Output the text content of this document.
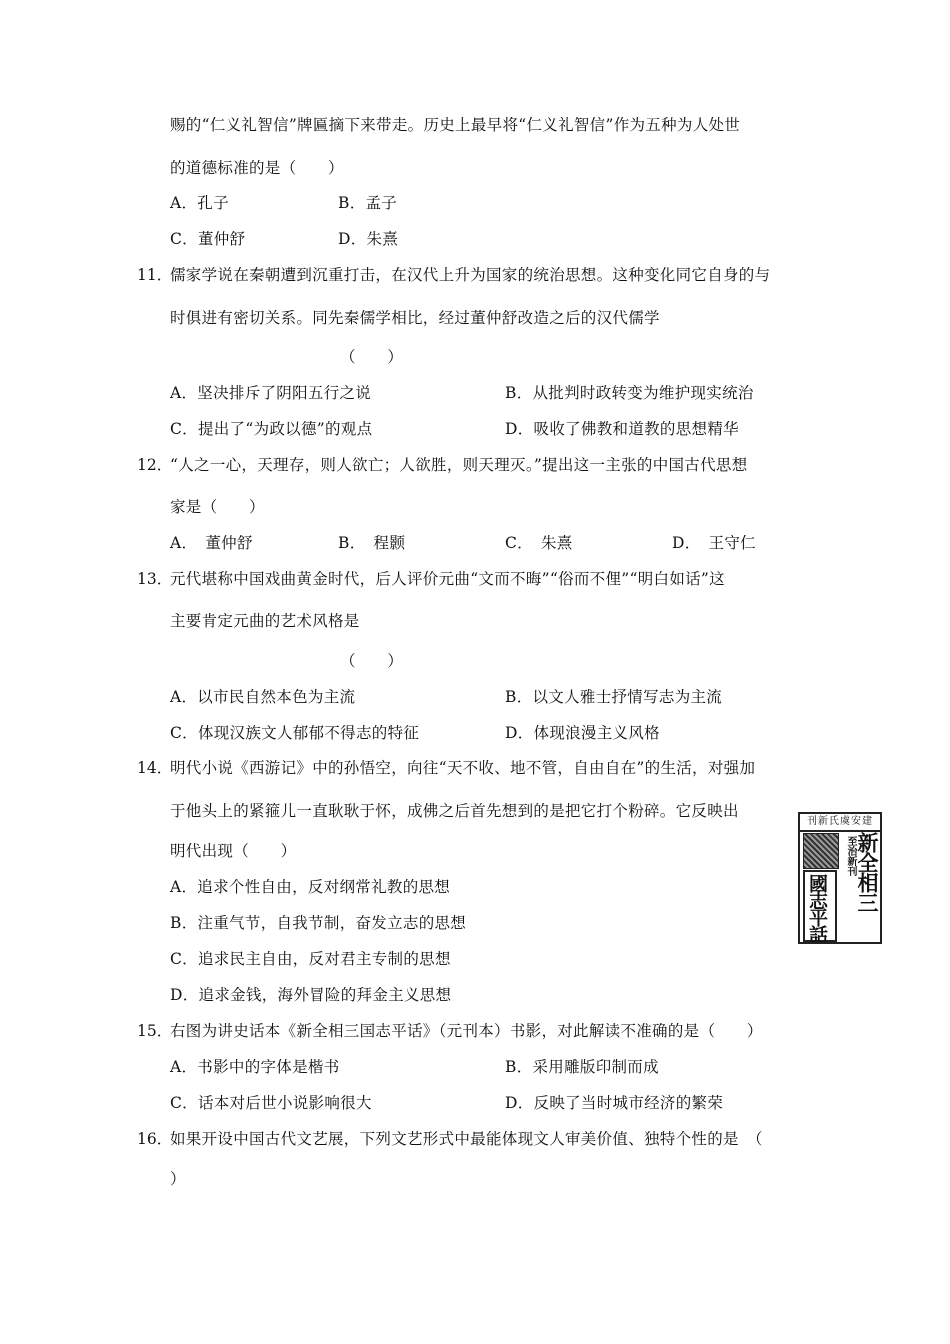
赐的“仁义礼智信”牌匾摘下来带走。历史上最早将“仁义礼智信”作为五种为人处世
的道德标准的是（　　）
A．孔子	B．孟子
C．董仲舒	D．朱熹
儒家学说在秦朝遭到沉重打击，在汉代上升为国家的统治思想。这种变化同它自身的与
时俱进有密切关系。同先秦儒学相比，经过董仲舒改造之后的汉代儒学
（　　）
A．坚决排斥了阴阳五行之说	B．从批判时政转变为维护现实统治
C．提出了“为政以德”的观点	D．吸收了佛教和道教的思想精华
“人之一心，天理存，则人欲亡；人欲胜，则天理灭。”提出这一主张的中国古代思想
家是（　　）
A．　董仲舒	B．　程颢	C．　朱熹	D．　王守仁
元代堪称中国戏曲黄金时代，后人评价元曲“文而不晦”“俗而不俚”“明白如话”这
主要肯定元曲的艺术风格是
（　　）
A．以市民自然本色为主流	B．以文人雅士抒情写志为主流
C．体现汉族文人郁郁不得志的特征	D．体现浪漫主义风格
明代小说《西游记》中的孙悟空，向往“天不收、地不管，自由自在”的生活，对强加
于他头上的紧箍儿一直耿耿于怀，成佛之后首先想到的是把它打个粉碎。它反映出
明代出现（　　）
A．追求个性自由，反对纲常礼教的思想
B．注重气节，自我节制，奋发立志的思想
C．追求民主自由，反对君主专制的思想
D．追求金钱，海外冒险的拜金主义思想
右图为讲史话本《新全相三国志平话》（元刊本）书影，对此解读不准确的是（　　）
A．书影中的字体是楷书	B．采用雕版印制而成
C．话本对后世小说影响很大	D．反映了当时城市经济的繁荣
如果开设中国古代文艺展，下列文艺形式中最能体现文人审美价值、独特个性的是　（
）
11．
12．
13．
14．
15．
16．
刊新氏虞安建
新全相三
至治新刊
國志平話
